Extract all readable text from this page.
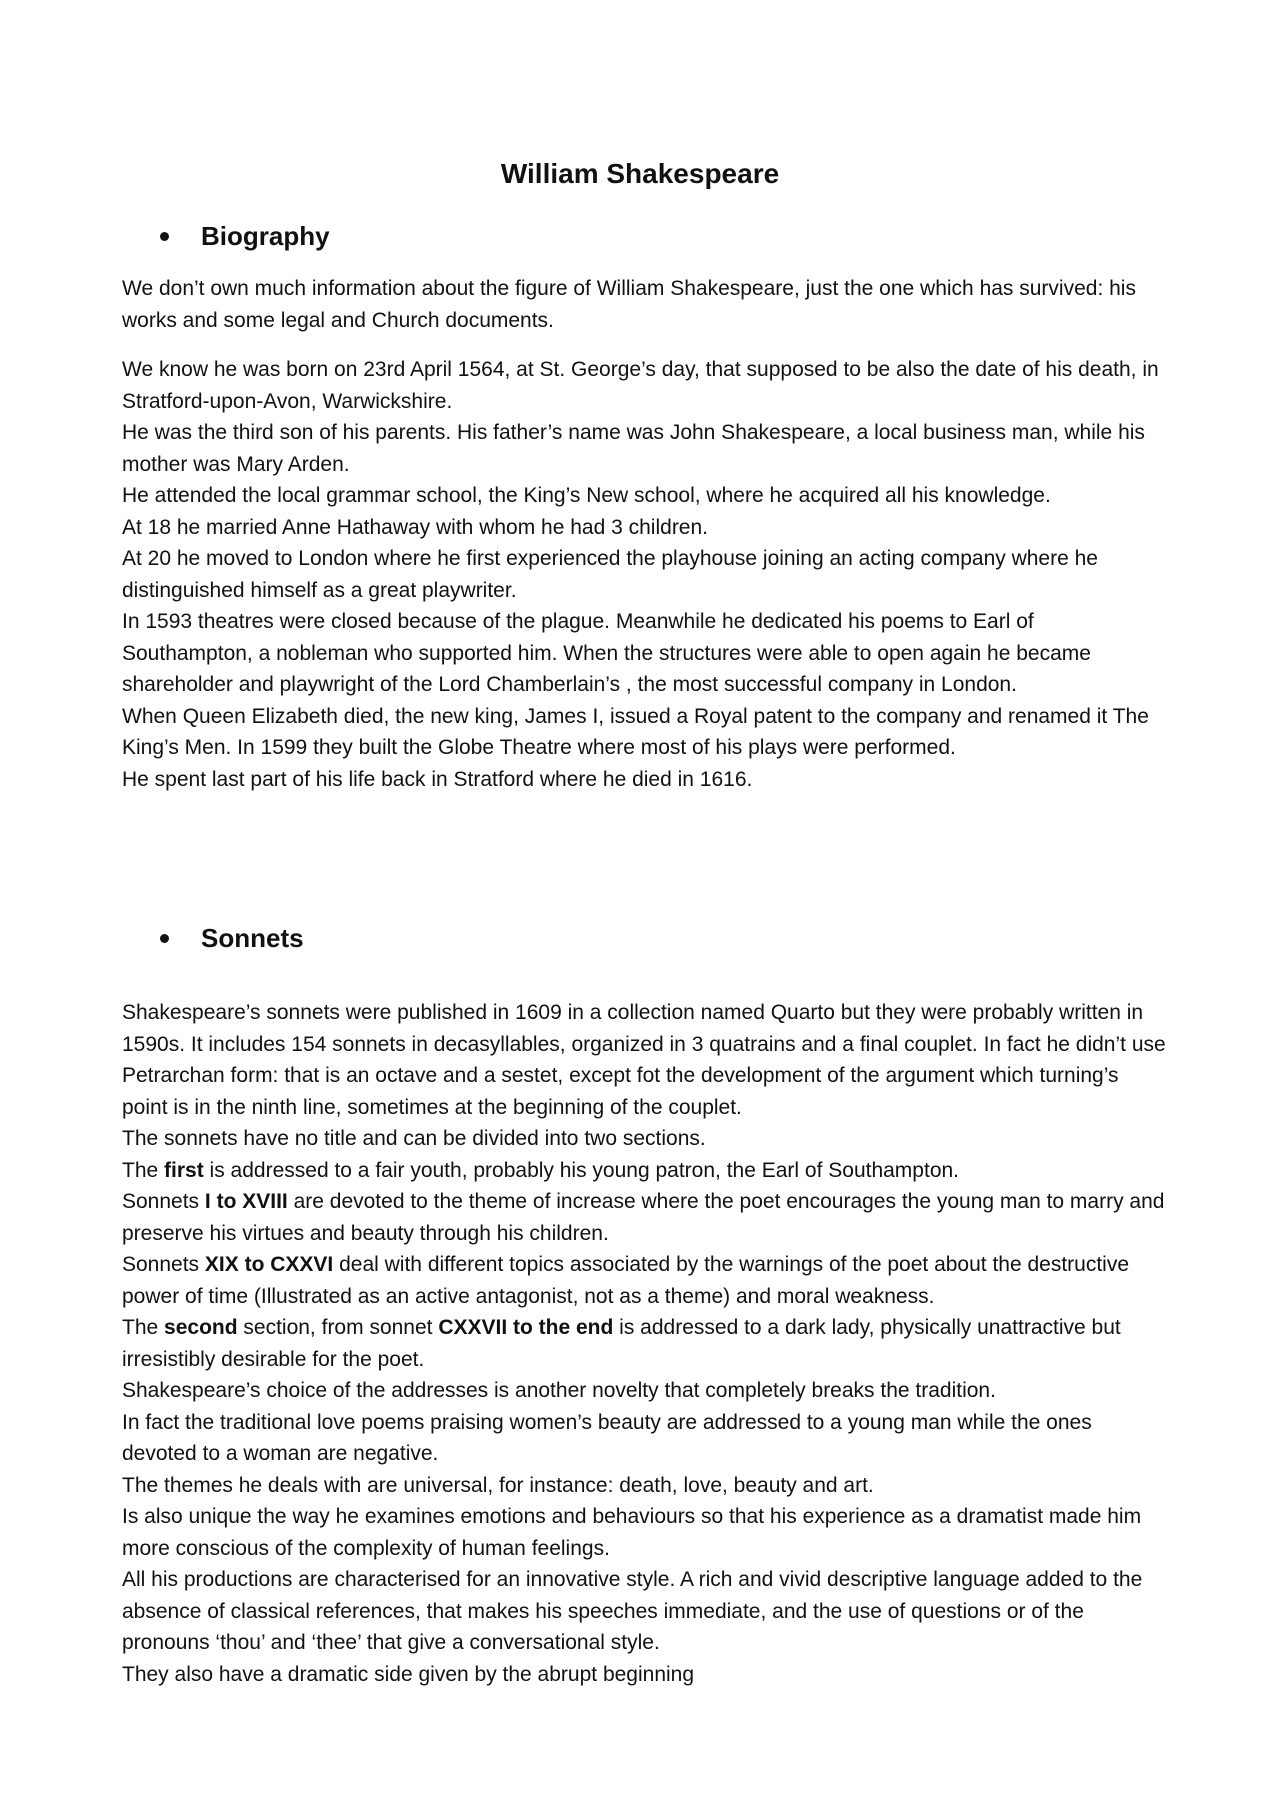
William Shakespeare
Biography

We don’t own much information about the figure of William Shakespeare, just the one which has survived: his works and some legal and Church documents.

We know he was born on 23rd April 1564, at St. George’s day, that supposed to be also the date of his death, in Stratford-upon-Avon, Warwickshire.

He was the third son of his parents. His father’s name was John Shakespeare, a local business man, while his mother was Mary Arden.

He attended the local grammar school, the King’s New school, where he acquired all his knowledge.

At 18 he married Anne Hathaway with whom he had 3 children.

At 20 he moved to London where he first experienced the playhouse joining an acting company where he distinguished himself as a great playwriter.

In 1593 theatres were closed because of the plague. Meanwhile he dedicated his poems to Earl of Southampton, a nobleman who supported him. When the structures were able to open again he became shareholder and playwright of the Lord Chamberlain’s , the most successful company in London.

When Queen Elizabeth died, the new king, James I, issued a Royal patent to the company and renamed it The King’s Men. In 1599 they built the Globe Theatre where most of his plays were performed.

He spent last part of his life back in Stratford where he died in 1616.

Sonnets

Shakespeare’s sonnets were published in 1609 in a collection named Quarto but they were probably written in 1590s. It includes 154 sonnets in decasyllables, organized in 3 quatrains and a final couplet. In fact he didn’t use Petrarchan form: that is an octave and a sestet, except fot the development of the argument which turning’s point is in the ninth line, sometimes at the beginning of the couplet.

The sonnets have no title and can be divided into two sections.

The first is addressed to a fair youth, probably his young patron, the Earl of Southampton.

Sonnets I to XVIII are devoted to the theme of increase where the poet encourages the young man to marry and preserve his virtues and beauty through his children.

Sonnets XIX to CXXVI deal with different topics associated by the warnings of the poet about the destructive power of time (Illustrated as an active antagonist, not as a theme) and moral weakness.

The second section, from sonnet CXXVII to the end is addressed to a dark lady, physically unattractive but irresistibly desirable for the poet.

Shakespeare’s choice of the addresses is another novelty that completely breaks the tradition.

In fact the traditional love poems praising women’s beauty are addressed to a young man while the ones devoted to a woman are negative.

The themes he deals with are universal, for instance: death, love, beauty and art.

Is also unique the way he examines emotions and behaviours so that his experience as a dramatist made him more conscious of the complexity of human feelings.

All his productions are characterised for an innovative style. A rich and vivid descriptive language added to the absence of classical references, that makes his speeches immediate, and the use of questions or of the pronouns ‘thou’ and ‘thee’ that give a conversational style.

They also have a dramatic side given by the abrupt beginning
